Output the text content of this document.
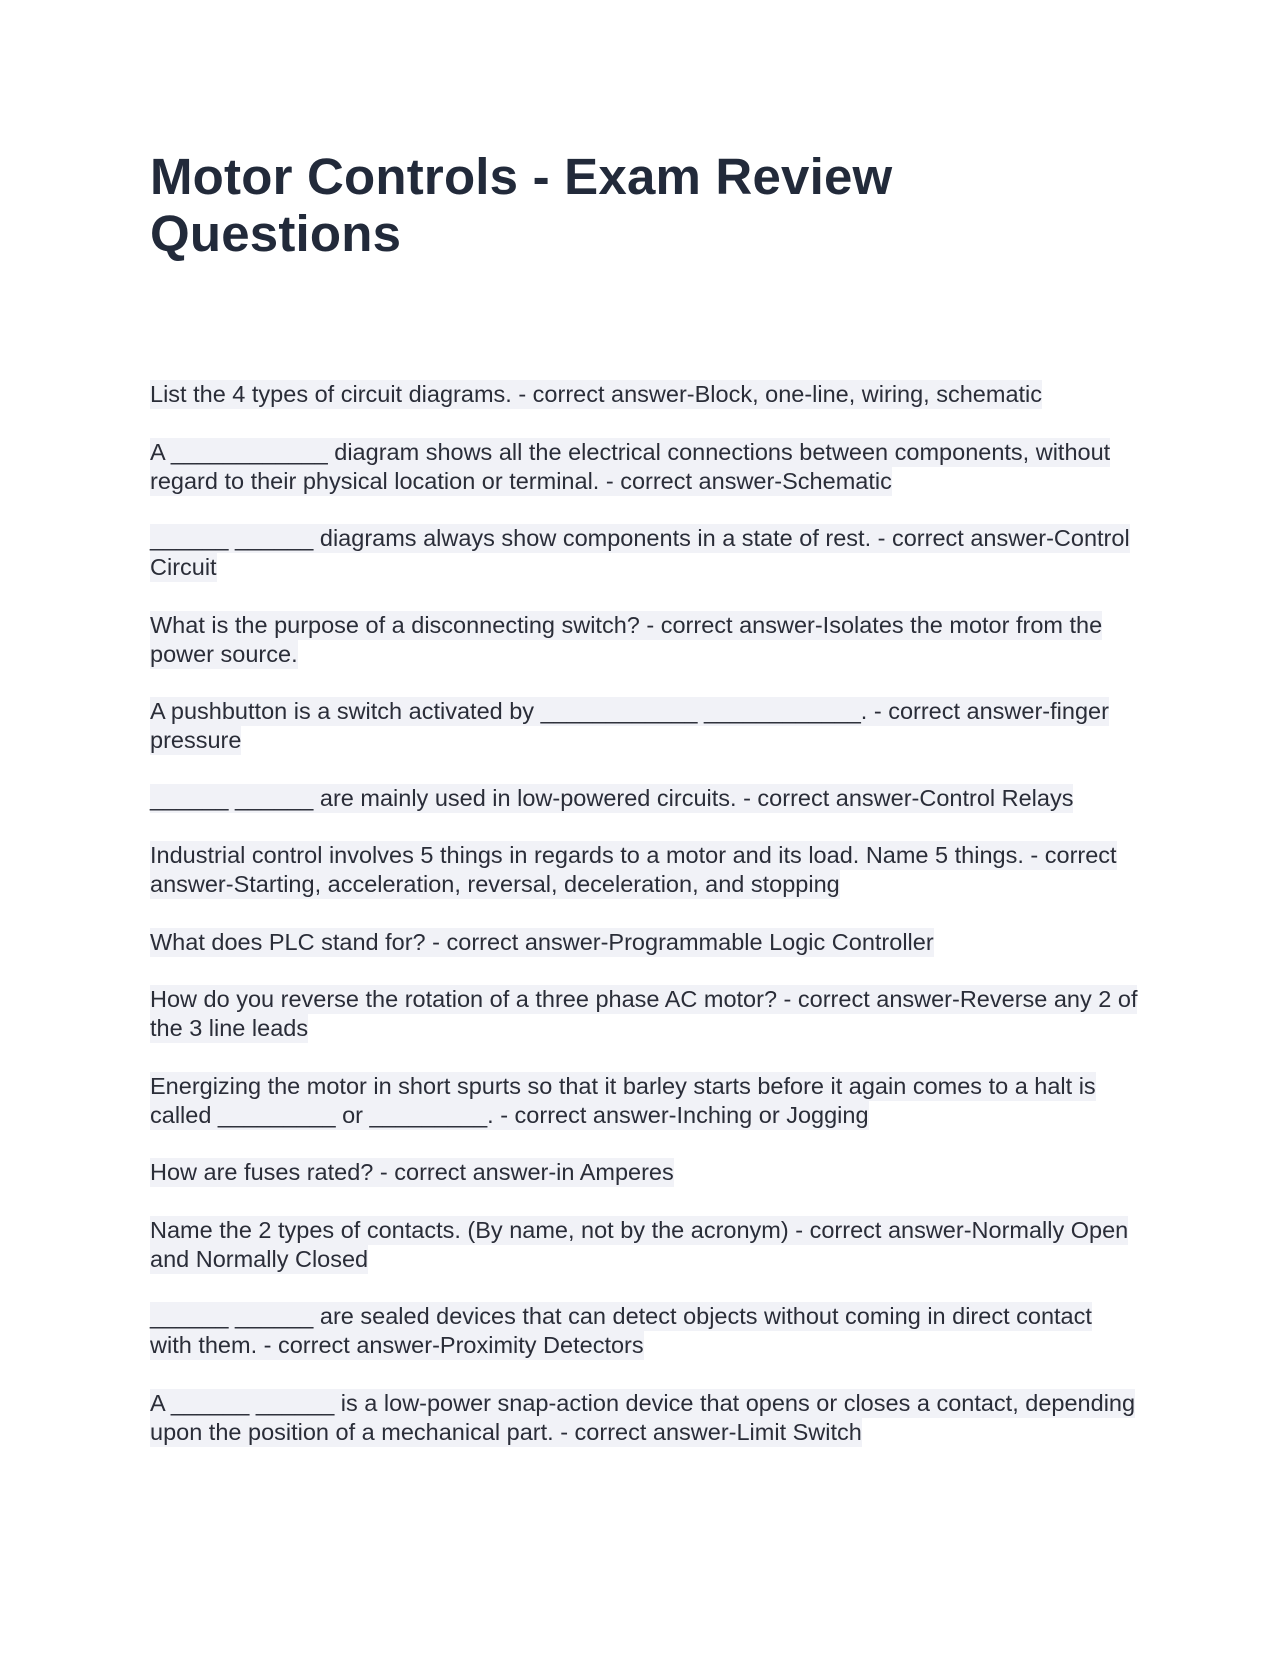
Motor Controls - Exam Review Questions

List the 4 types of circuit diagrams. - correct answer-Block, one-line, wiring, schematic

A ____________ diagram shows all the electrical connections between components, without regard to their physical location or terminal. - correct answer-Schematic

______ ______ diagrams always show components in a state of rest. - correct answer-Control Circuit

What is the purpose of a disconnecting switch? - correct answer-Isolates the motor from the power source.

A pushbutton is a switch activated by ____________ ____________. - correct answer-finger pressure

______ ______ are mainly used in low-powered circuits. - correct answer-Control Relays

Industrial control involves 5 things in regards to a motor and its load. Name 5 things. - correct answer-Starting, acceleration, reversal, deceleration, and stopping

What does PLC stand for? - correct answer-Programmable Logic Controller

How do you reverse the rotation of a three phase AC motor? - correct answer-Reverse any 2 of the 3 line leads

Energizing the motor in short spurts so that it barley starts before it again comes to a halt is called _________ or _________. - correct answer-Inching or Jogging

How are fuses rated? - correct answer-in Amperes

Name the 2 types of contacts. (By name, not by the acronym) - correct answer-Normally Open and Normally Closed

______ ______ are sealed devices that can detect objects without coming in direct contact with them. - correct answer-Proximity Detectors

A ______ ______ is a low-power snap-action device that opens or closes a contact, depending upon the position of a mechanical part. - correct answer-Limit Switch
